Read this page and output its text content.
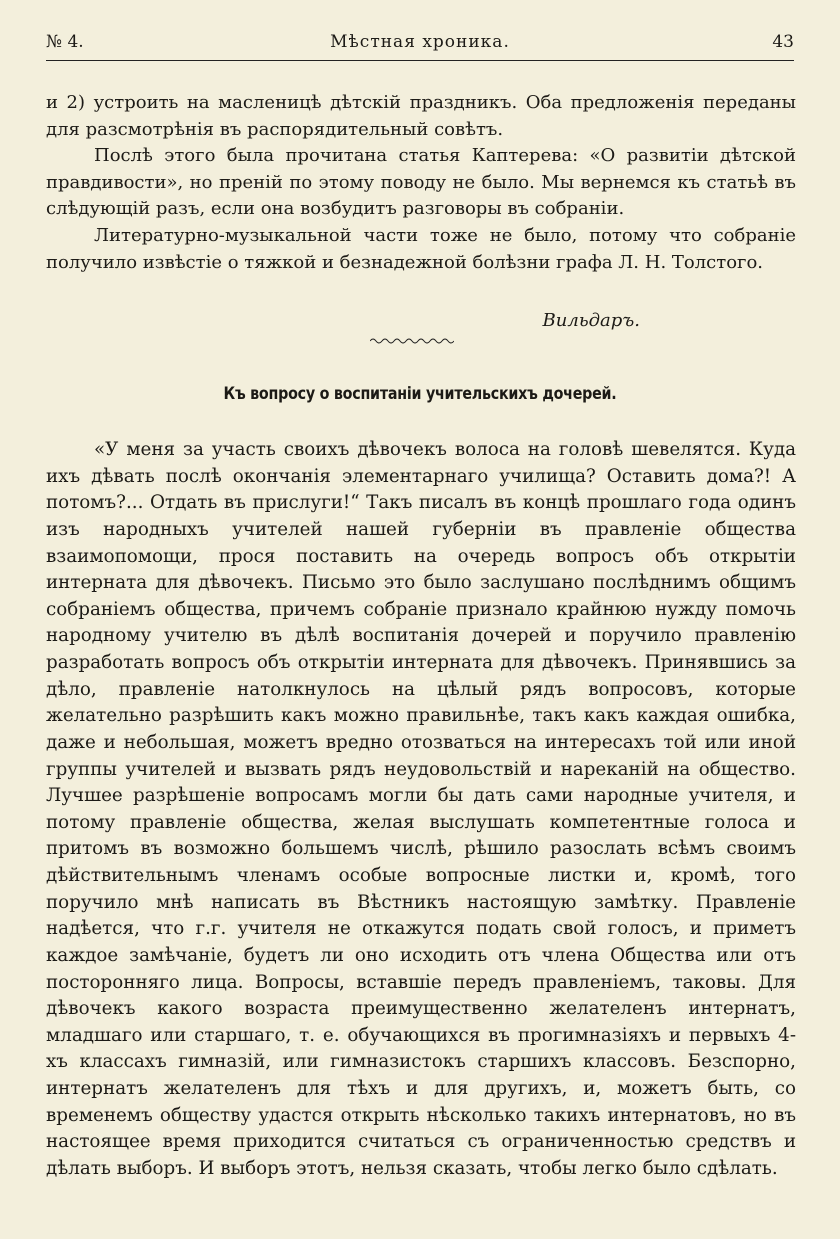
№ 4.	Мѣстная хроника.	43

и 2) устроить на масленицѣ дѣтскій праздникъ. Оба предложенія переданы для разсмотрѣнія въ распорядительный совѣтъ.

Послѣ этого была прочитана статья Каптерева: «О развитіи дѣтской правдивости», но преній по этому поводу не было. Мы вернемся къ статьѣ въ слѣдующій разъ, если она возбудитъ разговоры въ собраніи.

Литературно-музыкальной части тоже не было, потому что собраніе получило извѣстіе о тяжкой и безнадежной болѣзни графа Л. Н. Толстого.

Вильдаръ.
Къ вопросу о воспитаніи учительскихъ дочерей.

«У меня за участь своихъ дѣвочекъ волоса на головѣ шевелятся. Куда ихъ дѣвать послѣ окончанія элементарнаго училища? Оставить дома?! А потомъ?... Отдать въ прислуги!“ Такъ писалъ въ концѣ прошлаго года одинъ изъ народныхъ учителей нашей губерніи въ правленіе общества взаимопомощи, прося поставить на очередь вопросъ объ открытіи интерната для дѣвочекъ. Письмо это было заслушано послѣднимъ общимъ собраніемъ общества, причемъ собраніе признало крайнюю нужду помочь народному учителю въ дѣлѣ воспитанія дочерей и поручило правленію разработать вопросъ объ открытіи интерната для дѣвочекъ. Принявшись за дѣло, правленіе натолкнулось на цѣлый рядъ вопросовъ, которые желательно разрѣшить какъ можно правильнѣе, такъ какъ каждая ошибка, даже и небольшая, можетъ вредно отозваться на интересахъ той или иной группы учителей и вызвать рядъ неудовольствій и нареканій на общество. Лучшее разрѣшеніе вопросамъ могли бы дать сами народные учителя, и потому правленіе общества, желая выслушать компетентные голоса и притомъ въ возможно большемъ числѣ, рѣшило разослать всѣмъ своимъ дѣйствительнымъ членамъ особые вопросные листки и, кромѣ, того поручило мнѣ написать въ Вѣстникъ настоящую замѣтку. Правленіе надѣется, что г.г. учителя не откажутся подать свой голосъ, и приметъ каждое замѣчаніе, будетъ ли оно исходить отъ члена Общества или отъ посторонняго лица. Вопросы, вставшіе передъ правленіемъ, таковы. Для дѣвочекъ какого возраста преимущественно желателенъ интернатъ, младшаго или старшаго, т. е. обучающихся въ прогимназіяхъ и первыхъ 4-хъ классахъ гимназій, или гимназистокъ старшихъ классовъ. Безспорно, интернатъ желателенъ для тѣхъ и для другихъ, и, можетъ быть, со временемъ обществу удастся открыть нѣсколько такихъ интернатовъ, но въ настоящее время приходится считаться съ ограниченностью средствъ и дѣлать выборъ. И выборъ этотъ, нельзя сказать, чтобы легко было сдѣлать.
